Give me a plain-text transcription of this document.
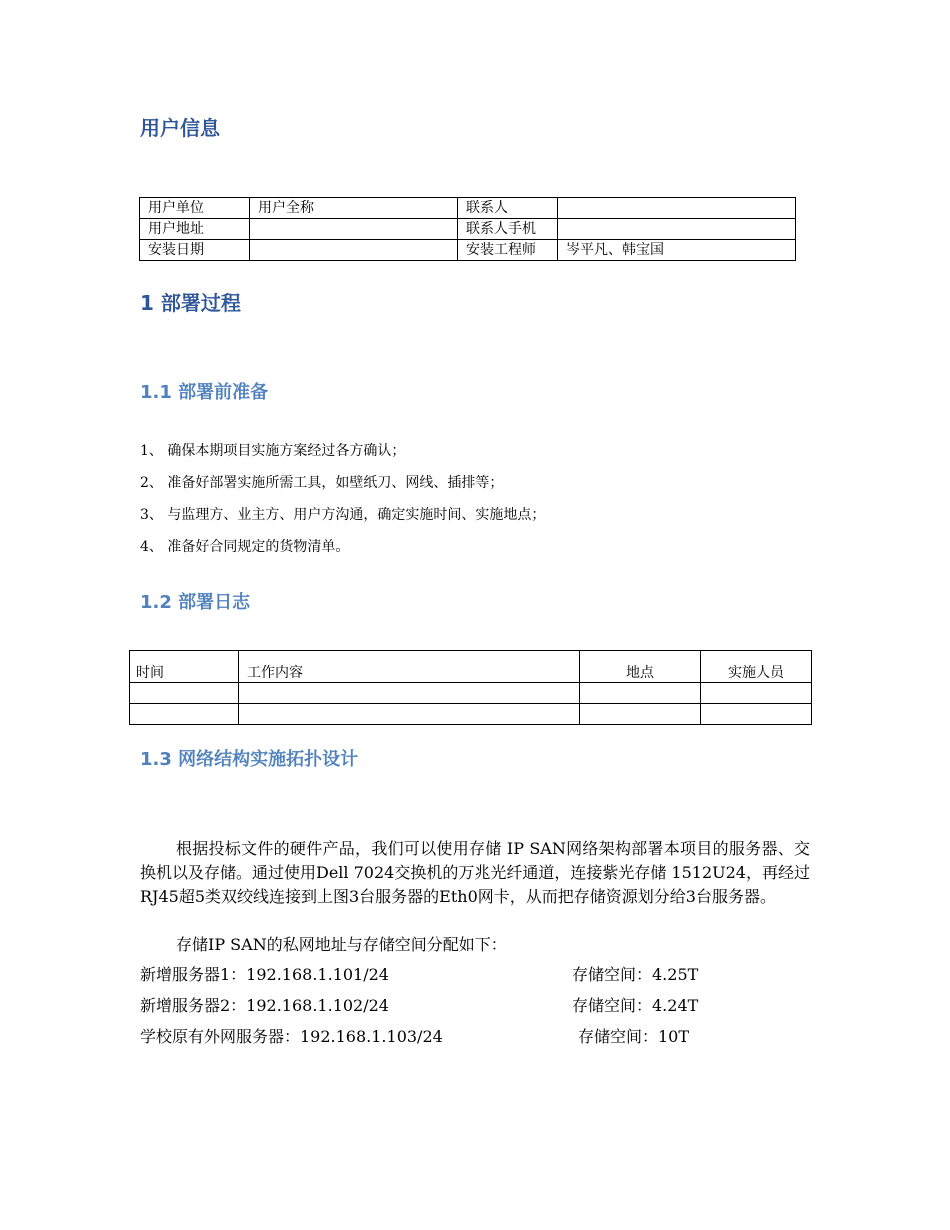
用户信息
用户单位	用户全称	联系人	
用户地址		联系人手机	
安装日期		安装工程师	岑平凡、韩宝国
1 部署过程
1.1 部署前准备
1、 确保本期项目实施方案经过各方确认；
2、 准备好部署实施所需工具，如壁纸刀、网线、插排等；
3、 与监理方、业主方、用户方沟通，确定实施时间、实施地点；
4、 准备好合同规定的货物清单。
1.2 部署日志
时间	工作内容	地点	实施人员

1.3 网络结构实施拓扑设计

根据投标文件的硬件产品，我们可以使用存储 IP SAN网络架构部署本项目的服务器、交换机以及存储。通过使用Dell 7024交换机的万兆光纤通道，连接紫光存储 1512U24，再经过RJ45超5类双绞线连接到上图3台服务器的Eth0网卡，从而把存储资源划分给3台服务器。

存储IP SAN的私网地址与存储空间分配如下：

新增服务器1：192.168.1.101/24	存储空间：4.25T
新增服务器2：192.168.1.102/24	存储空间：4.24T
学校原有外网服务器：192.168.1.103/24	存储空间：10T
